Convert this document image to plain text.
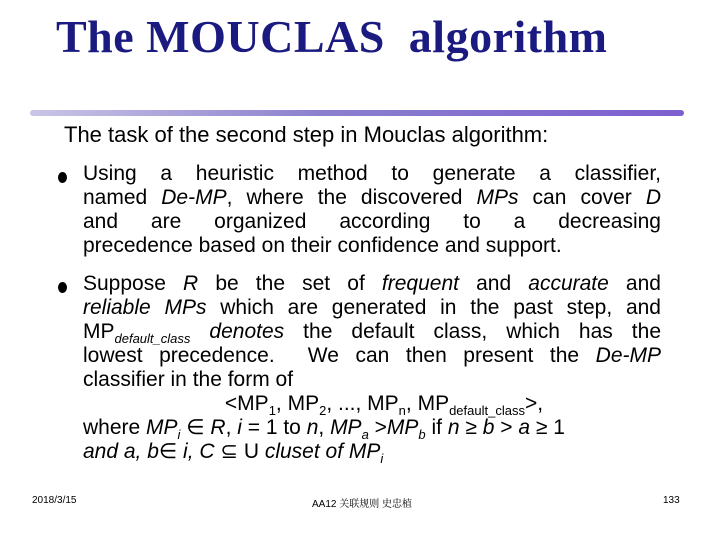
The MOUCLAS  algorithm
The task of the second step in Mouclas algorithm:
Using a heuristic method to generate a classifier,
named De-MP, where the discovered MPs can cover D
and are organized according to a decreasing
precedence based on their confidence and support.
Suppose R be the set of frequent and accurate and
reliable MPs which are generated in the past step, and
$MP_{default\_class}$ denotes the default class, which has the
lowest precedence.  We can then present the De-MP
classifier in the form of
$<MP_1$, $MP_2$, ..., $MP_n$, $MP_{default\_class}>$,
where $MP_i$ ∈ R, i = 1 to n, $MP_a >MP_b$ if n ≥ b > a ≥ 1
and a, b∈ i, C ⊆ U cluset of $MP_i$
2018/3/15	AA12 关联规则 史忠植	133
